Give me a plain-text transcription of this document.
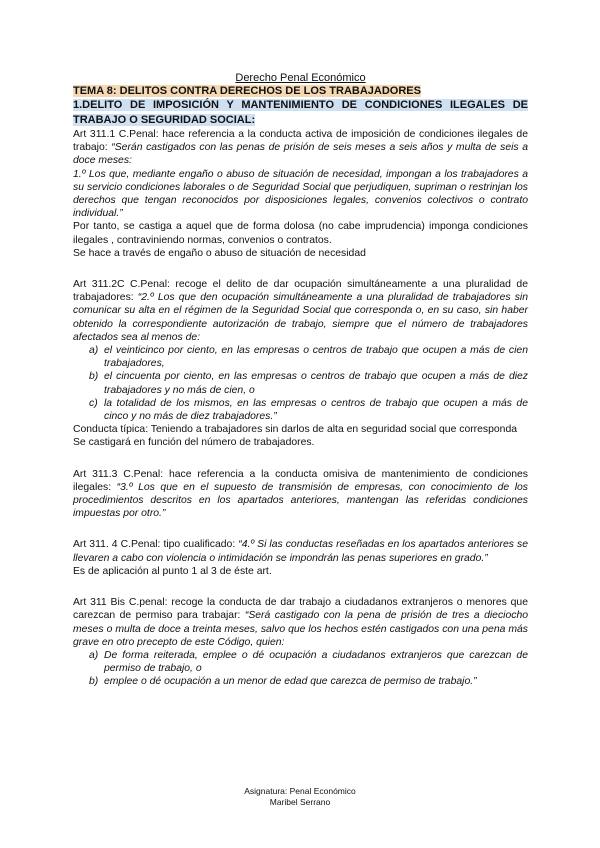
Derecho Penal Económico
TEMA 8: DELITOS CONTRA DERECHOS DE LOS TRABAJADORES
1.DELITO DE IMPOSICIÓN Y MANTENIMIENTO DE CONDICIONES ILEGALES DE TRABAJO O SEGURIDAD SOCIAL:

Art 311.1 C.Penal: hace referencia a la conducta activa de imposición de condiciones ilegales de trabajo: “Serán castigados con las penas de prisión de seis meses a seis años y multa de seis a doce meses:

1.º Los que, mediante engaño o abuso de situación de necesidad, impongan a los trabajadores a su servicio condiciones laborales o de Seguridad Social que perjudiquen, supriman o restrinjan los derechos que tengan reconocidos por disposiciones legales, convenios colectivos o contrato individual.”

Por tanto, se castiga a aquel que de forma dolosa (no cabe imprudencia) imponga condiciones ilegales , contraviniendo normas, convenios o contratos.

Se hace a través de engaño o abuso de situación de necesidad

Art 311.2C C.Penal: recoge el delito de dar ocupación simultáneamente a una pluralidad de trabajadores: “2.º Los que den ocupación simultáneamente a una pluralidad de trabajadores sin comunicar su alta en el régimen de la Seguridad Social que corresponda o, en su caso, sin haber obtenido la correspondiente autorización de trabajo, siempre que el número de trabajadores afectados sea al menos de:

a) el veinticinco por ciento, en las empresas o centros de trabajo que ocupen a más de cien trabajadores,
b) el cincuenta por ciento, en las empresas o centros de trabajo que ocupen a más de diez trabajadores y no más de cien, o
c) la totalidad de los mismos, en las empresas o centros de trabajo que ocupen a más de cinco y no más de diez trabajadores.”

Conducta típica: Teniendo a trabajadores sin darlos de alta en seguridad social que corresponda

Se castigará en función del número de trabajadores.

Art 311.3 C.Penal: hace referencia a la conducta omisiva de mantenimiento de condiciones ilegales: “3.º Los que en el supuesto de transmisión de empresas, con conocimiento de los procedimientos descritos en los apartados anteriores, mantengan las referidas condiciones impuestas por otro.”

Art 311. 4 C.Penal: tipo cualificado: “4.º Si las conductas reseñadas en los apartados anteriores se llevaren a cabo con violencia o intimidación se impondrán las penas superiores en grado.”

Es de aplicación al punto 1 al 3 de éste art.

Art 311 Bis C.penal: recoge la conducta de dar trabajo a ciudadanos extranjeros o menores que carezcan de permiso para trabajar: “Será castigado con la pena de prisión de tres a dieciocho meses o multa de doce a treinta meses, salvo que los hechos estén castigados con una pena más grave en otro precepto de este Código, quien:

a) De forma reiterada, emplee o dé ocupación a ciudadanos extranjeros que carezcan de permiso de trabajo, o
b) emplee o dé ocupación a un menor de edad que carezca de permiso de trabajo.”
Asignatura: Penal Económico
Maribel Serrano
